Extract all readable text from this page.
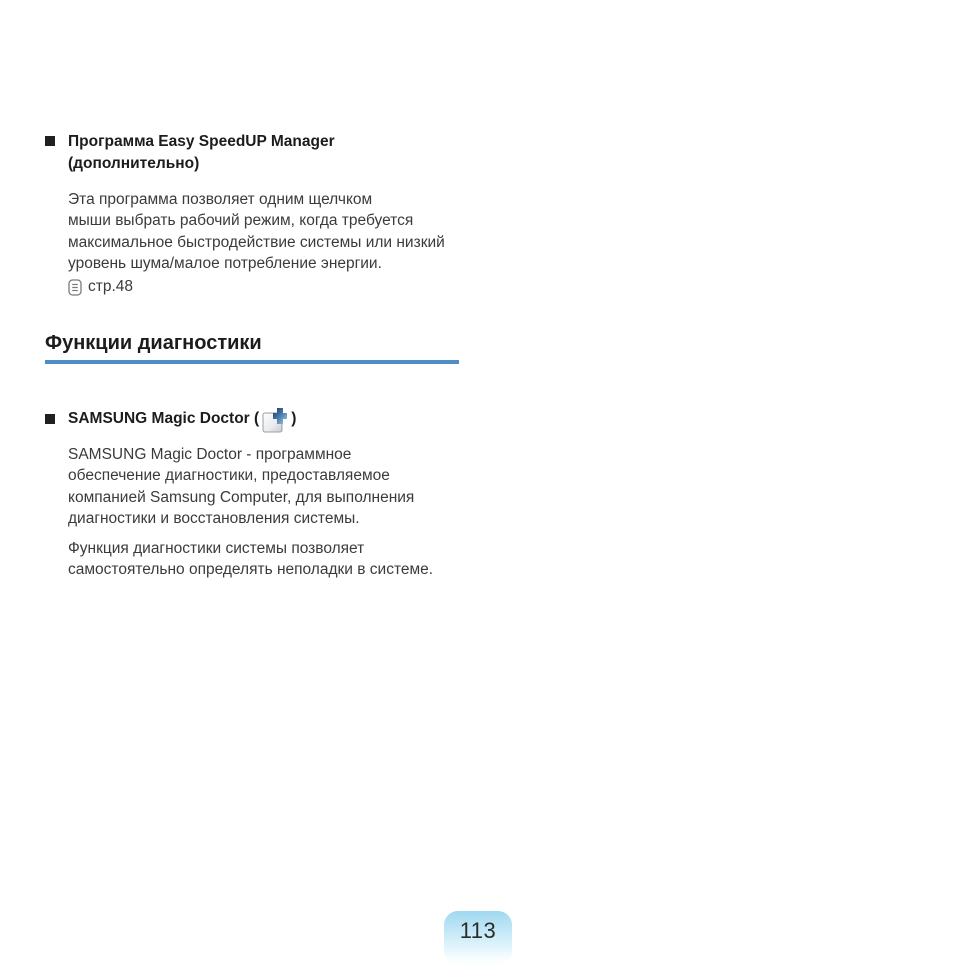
Программа Easy SpeedUP Manager
(дополнительно)
Эта программа позволяет одним щелчком
мыши выбрать рабочий режим, когда требуется
максимальное быстродействие системы или низкий
уровень шума/малое потребление энергии.
стр.48
Функции диагностики
SAMSUNG Magic Doctor ( )
SAMSUNG Magic Doctor - программное
обеспечение диагностики, предоставляемое
компанией Samsung Computer, для выполнения
диагностики и восстановления системы.
Функция диагностики системы позволяет
самостоятельно определять неполадки в системе.
113
